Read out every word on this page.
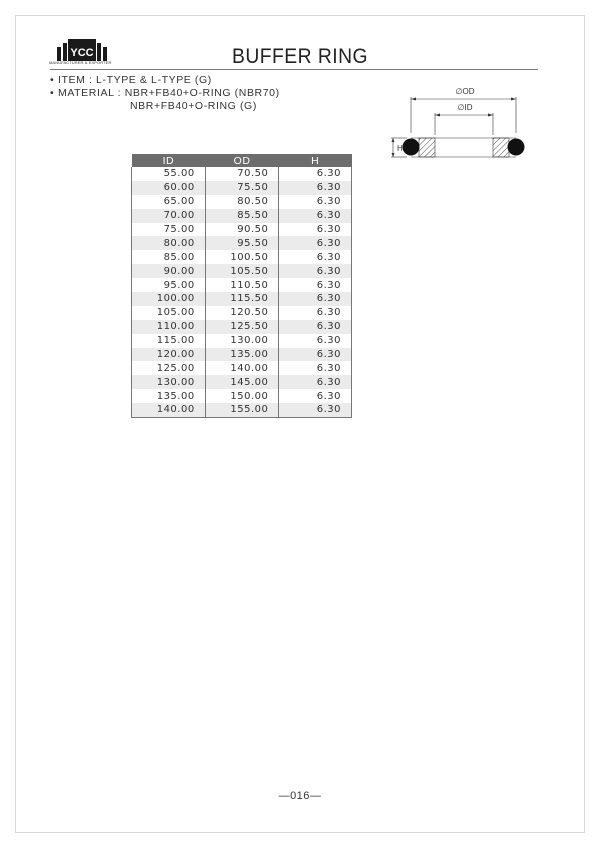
YCC
MANUFACTURER & EXPORTER	BUFFER RING
• ITEM : L-TYPE & L-TYPE (G)
• MATERIAL : NBR+FB40+O-RING (NBR70)
NBR+FB40+O-RING (G)
∅OD
∅ID
H
ID	OD	H
55.00	70.50	6.30
60.00	75.50	6.30
65.00	80.50	6.30
70.00	85.50	6.30
75.00	90.50	6.30
80.00	95.50	6.30
85.00	100.50	6.30
90.00	105.50	6.30
95.00	110.50	6.30
100.00	115.50	6.30
105.00	120.50	6.30
110.00	125.50	6.30
115.00	130.00	6.30
120.00	135.00	6.30
125.00	140.00	6.30
130.00	145.00	6.30
135.00	150.00	6.30
140.00	155.00	6.30
—016—
